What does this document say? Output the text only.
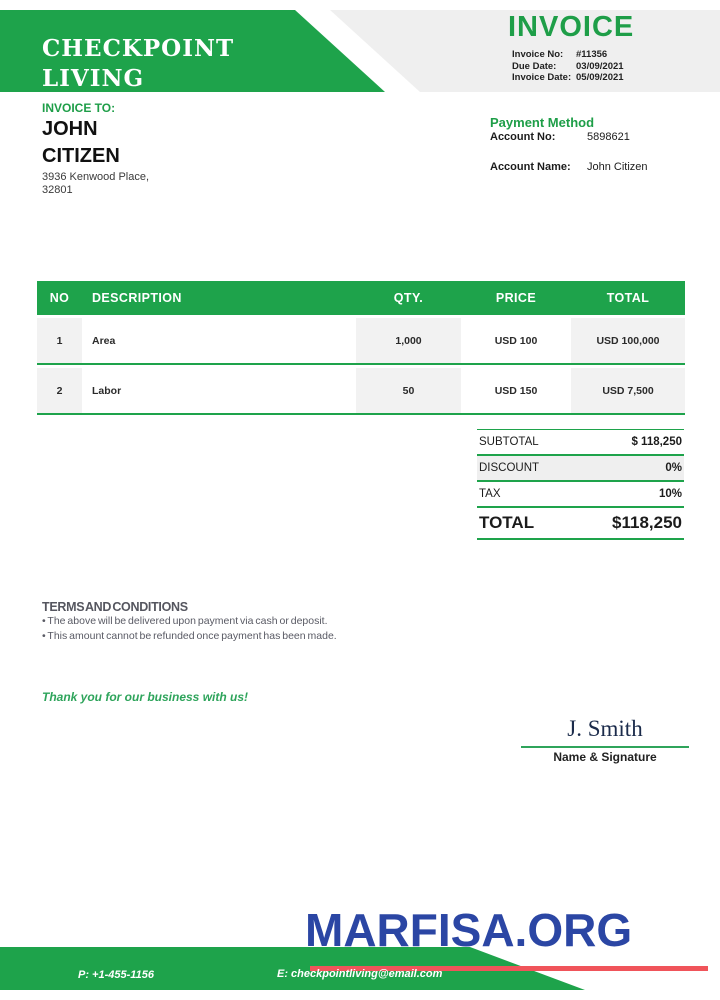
CHECKPOINT
LIVING
INVOICE
Invoice No:	#11356
Due Date:	03/09/2021
Invoice Date: 05/09/2021
INVOICE TO:
JOHN
CITIZEN
3936 Kenwood Place,
32801
Payment Method
Account No:	5898621
Account Name:	John Citizen
NO	DESCRIPTION	QTY.	PRICE	TOTAL
1	Area	1,000	USD 100	USD 100,000
2	Labor	50	USD 150	USD 7,500
SUBTOTAL	$ 118,250
DISCOUNT	0%
TAX	10%
TOTAL	$118,250
TERMS AND CONDITIONS
• The above will be delivered upon payment via cash or deposit.
• This amount cannot be refunded once payment has been made.
Thank you for our business with us!
J. Smith
Name & Signature
MARFISA.ORG
P: +1-455-1156	E: checkpointliving@email.com
